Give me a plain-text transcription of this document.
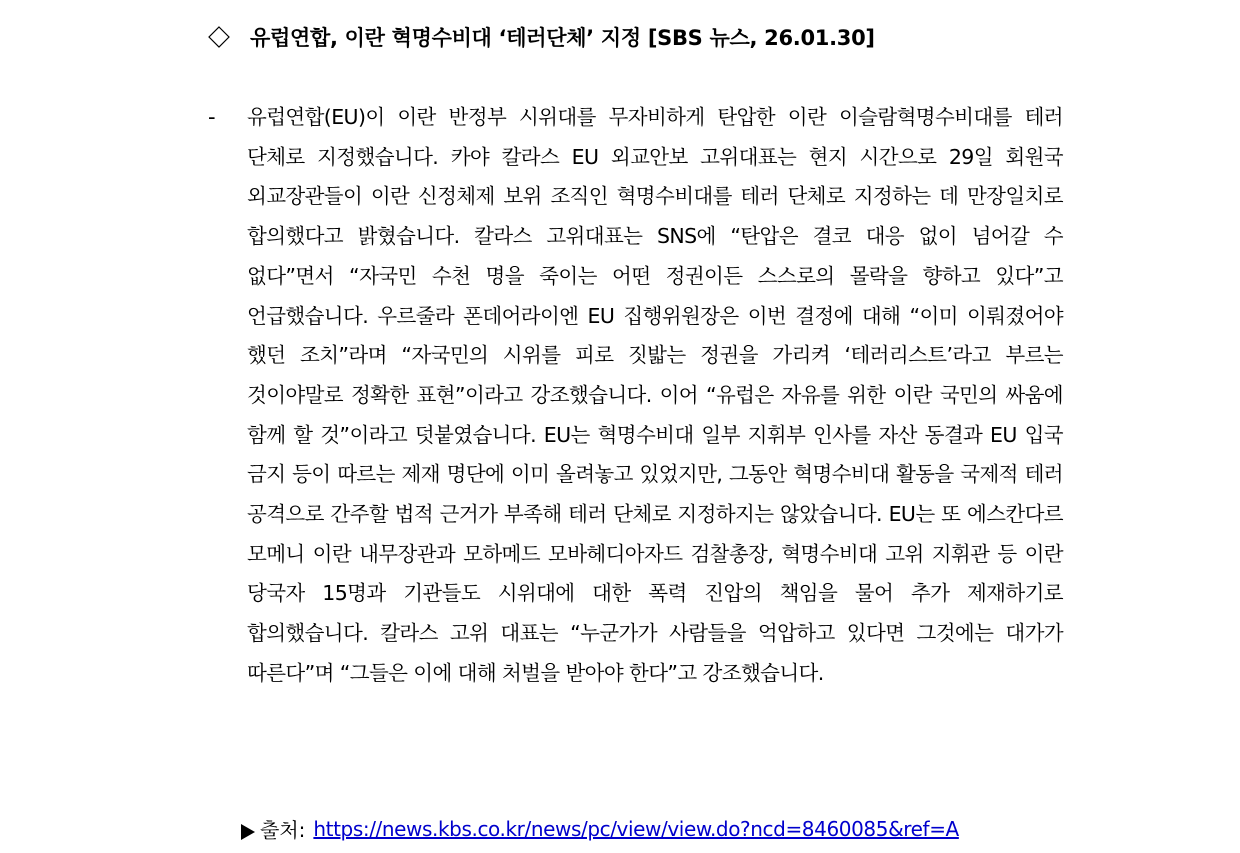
유럽연합, 이란 혁명수비대 ‘테러단체’ 지정 [SBS 뉴스, 26.01.30]
- 유럽연합(EU)이 이란 반정부 시위대를 무자비하게 탄압한 이란 이슬람혁명수비대를 테러 단체로 지정했습니다. 카야 칼라스 EU 외교안보 고위대표는 현지 시간으로 29일 회원국 외교장관들이 이란 신정체제 보위 조직인 혁명수비대를 테러 단체로 지정하는 데 만장일치로 합의했다고 밝혔습니다. 칼라스 고위대표는 SNS에 “탄압은 결코 대응 없이 넘어갈 수 없다”면서 “자국민 수천 명을 죽이는 어떤 정권이든 스스로의 몰락을 향하고 있다”고 언급했습니다. 우르줄라 폰데어라이엔 EU 집행위원장은 이번 결정에 대해 “이미 이뤄졌어야 했던 조치”라며 “자국민의 시위를 피로 짓밟는 정권을 가리켜 ‘테러리스트’라고 부르는 것이야말로 정확한 표현”이라고 강조했습니다. 이어 “유럽은 자유를 위한 이란 국민의 싸움에 함께 할 것”이라고 덧붙였습니다. EU는 혁명수비대 일부 지휘부 인사를 자산 동결과 EU 입국 금지 등이 따르는 제재 명단에 이미 올려놓고 있었지만, 그동안 혁명수비대 활동을 국제적 테러 공격으로 간주할 법적 근거가 부족해 테러 단체로 지정하지는 않았습니다. EU는 또 에스칸다르 모메니 이란 내무장관과 모하메드 모바헤디아자드 검찰총장, 혁명수비대 고위 지휘관 등 이란 당국자 15명과 기관들도 시위대에 대한 폭력 진압의 책임을 물어 추가 제재하기로 합의했습니다. 칼라스 고위 대표는 “누군가가 사람들을 억압하고 있다면 그것에는 대가가 따른다”며 “그들은 이에 대해 처벌을 받아야 한다”고 강조했습니다.

출처: https://news.kbs.co.kr/news/pc/view/view.do?ncd=8460085&ref=A
